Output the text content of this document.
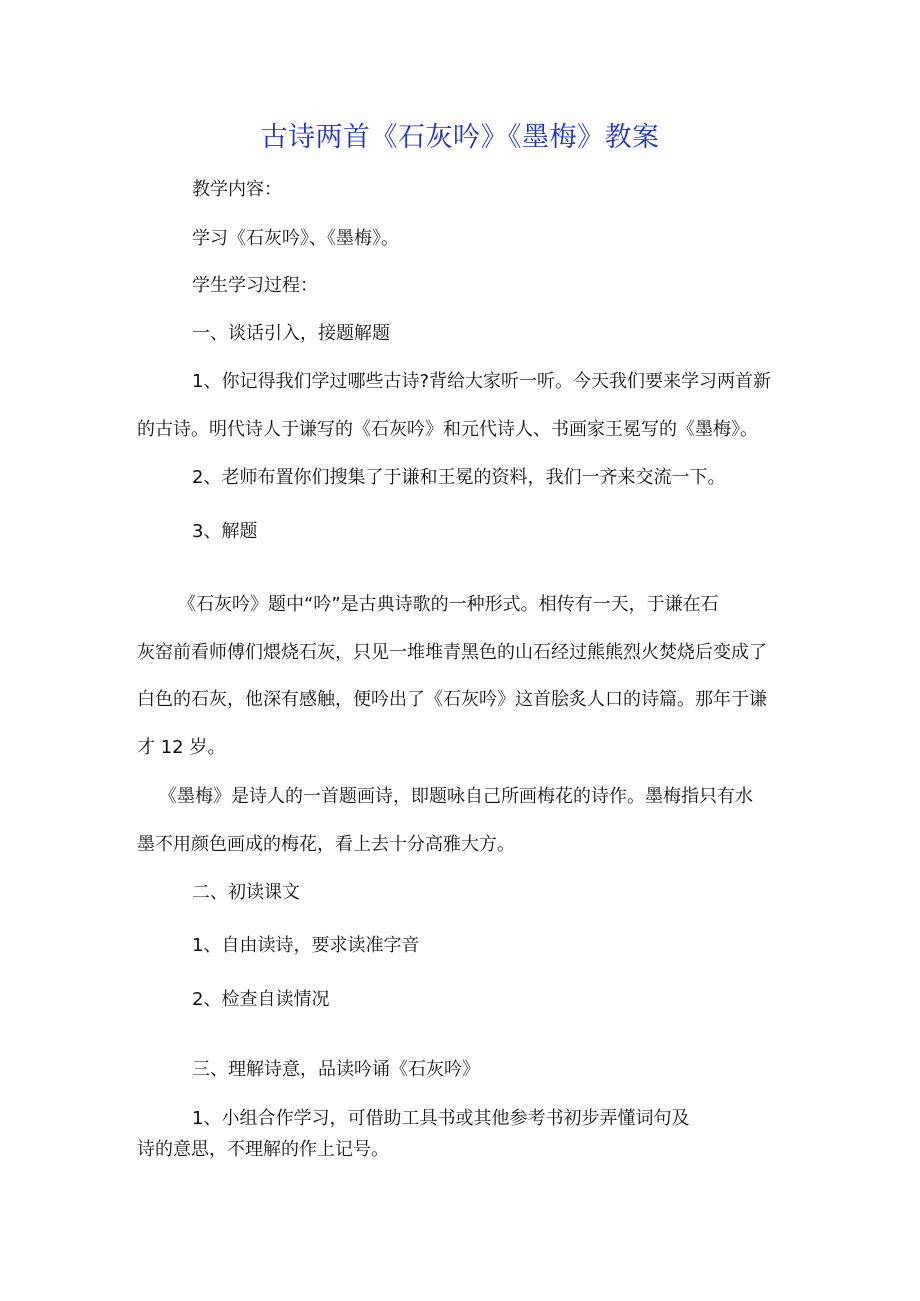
古诗两首《石灰吟》《墨梅》教案
教学内容：
学习《石灰吟》、《墨梅》。
学生学习过程：
一、谈话引入，接题解题
1、你记得我们学过哪些古诗?背给大家听一听。今天我们要来学习两首新
的古诗。明代诗人于谦写的《石灰吟》和元代诗人、书画家王冕写的《墨梅》。
2、老师布置你们搜集了于谦和王冕的资料，我们一齐来交流一下。
3、解题
《石灰吟》题中“吟”是古典诗歌的一种形式。相传有一天，于谦在石
灰窑前看师傅们煨烧石灰，只见一堆堆青黑色的山石经过熊熊烈火焚烧后变成了
白色的石灰，他深有感触，便吟出了《石灰吟》这首脍炙人口的诗篇。那年于谦
才 12 岁。
《墨梅》是诗人的一首题画诗，即题咏自己所画梅花的诗作。墨梅指只有水
墨不用颜色画成的梅花，看上去十分高雅大方。
二、初读课文
1、自由读诗，要求读准字音
2、检查自读情况
三、理解诗意，品读吟诵《石灰吟》
1、小组合作学习，可借助工具书或其他参考书初步弄懂词句及
诗的意思，不理解的作上记号。
